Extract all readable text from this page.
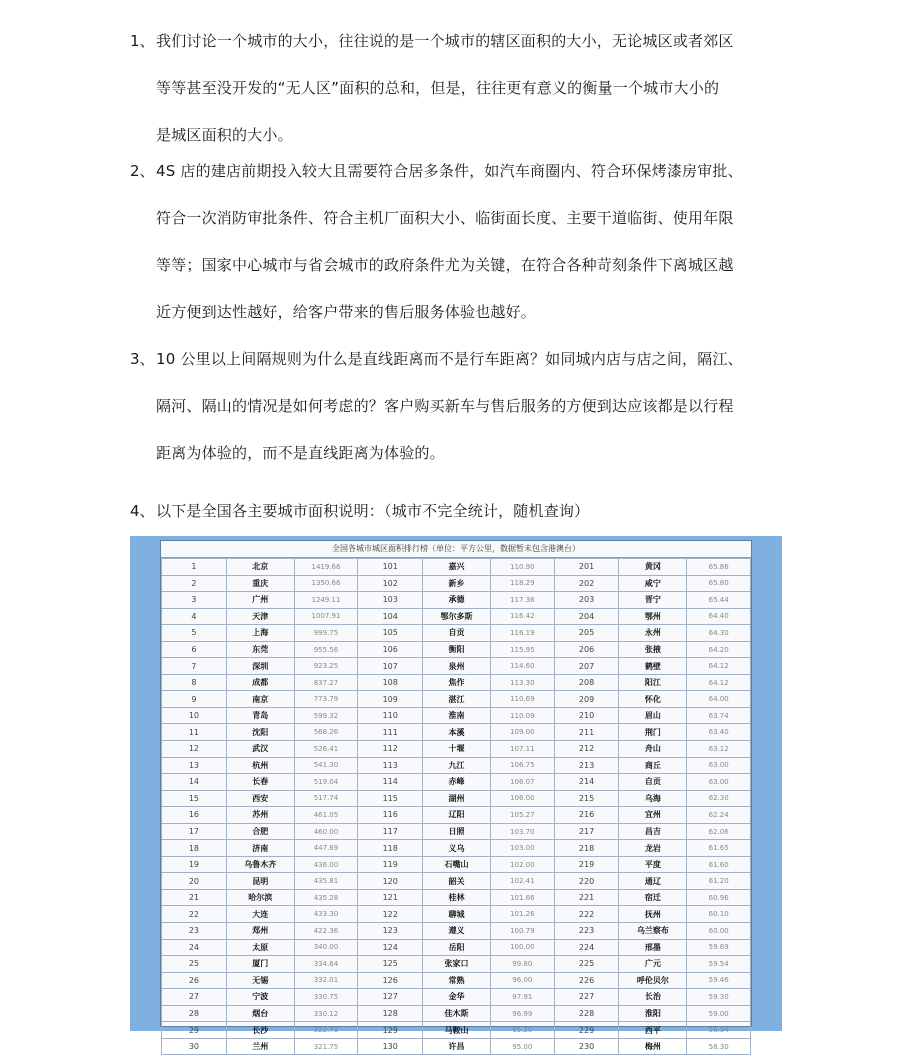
1、 我们讨论一个城市的大小，往往说的是一个城市的辖区面积的大小，无论城区或者郊区
等等甚至没开发的“无人区”面积的总和，但是，往往更有意义的衡量一个城市大小的
是城区面积的大小。
2、 4S 店的建店前期投入较大且需要符合居多条件，如汽车商圈内、符合环保烤漆房审批、
符合一次消防审批条件、符合主机厂面积大小、临街面长度、主要干道临街、使用年限
等等；国家中心城市与省会城市的政府条件尤为关键，在符合各种苛刻条件下离城区越
近方便到达性越好，给客户带来的售后服务体验也越好。
3、 10 公里以上间隔规则为什么是直线距离而不是行车距离？如同城内店与店之间，隔江、
隔河、隔山的情况是如何考虑的？客户购买新车与售后服务的方便到达应该都是以行程
距离为体验的，而不是直线距离为体验的。
4、 以下是全国各主要城市面积说明：（城市不完全统计，随机查询）
全国各城市城区面积排行榜（单位：平方公里，数据暂未包含港澳台）
1	北京	1419.66	101	嘉兴	110.90	201	黄冈	65.86
2	重庆	1350.66	102	新乡	118.29	202	咸宁	65.80
3	广州	1249.11	103	承德	117.36	203	晋宁	65.44
4	天津	1007.91	104	鄂尔多斯	116.42	204	鄂州	64.40
5	上海	999.75	105	自贡	116.19	205	永州	64.30
6	东莞	955.56	106	衡阳	115.95	206	张掖	64.20
7	深圳	923.25	107	泉州	114.60	207	鹤壁	64.12
8	成都	837.27	108	焦作	113.30	208	阳江	64.12
9	南京	773.79	109	湛江	110.69	209	怀化	64.00
10	青岛	599.32	110	淮南	110.09	210	眉山	63.74
11	沈阳	568.26	111	本溪	109.00	211	荆门	63.40
12	武汉	526.41	112	十堰	107.11	212	舟山	63.12
13	杭州	541.30	113	九江	106.75	213	商丘	63.00
14	长春	519.04	114	赤峰	106.07	214	自贡	63.00
15	西安	517.74	115	湖州	106.00	215	乌海	62.30
16	苏州	461.05	116	辽阳	105.27	216	宜州	62.24
17	合肥	460.00	117	日照	103.70	217	昌吉	62.06
18	济南	447.69	118	义乌	103.00	218	龙岩	61.65
19	乌鲁木齐	436.00	119	石嘴山	102.00	219	平度	61.60
20	昆明	435.81	120	韶关	102.41	220	通辽	61.20
21	哈尔滨	435.28	121	桂林	101.66	221	宿迁	60.96
22	大连	433.30	122	聊城	101.26	222	抚州	60.10
23	郑州	422.36	123	遵义	100.79	223	乌兰察布	60.00
24	太原	340.00	124	岳阳	100.00	224	邢墨	59.69
25	厦门	334.64	125	张家口	99.80	225	广元	59.54
26	无锡	332.01	126	常熟	96.00	226	呼伦贝尔	59.46
27	宁波	330.75	127	金华	97.91	227	长治	59.30
28	烟台	330.12	128	佳木斯	96.99	228	淮阳	59.00
29	长沙	322.73	129	马鞍山	95.20	229	西平	58.94
30	兰州	321.75	130	许昌	95.00	230	梅州	58.30
